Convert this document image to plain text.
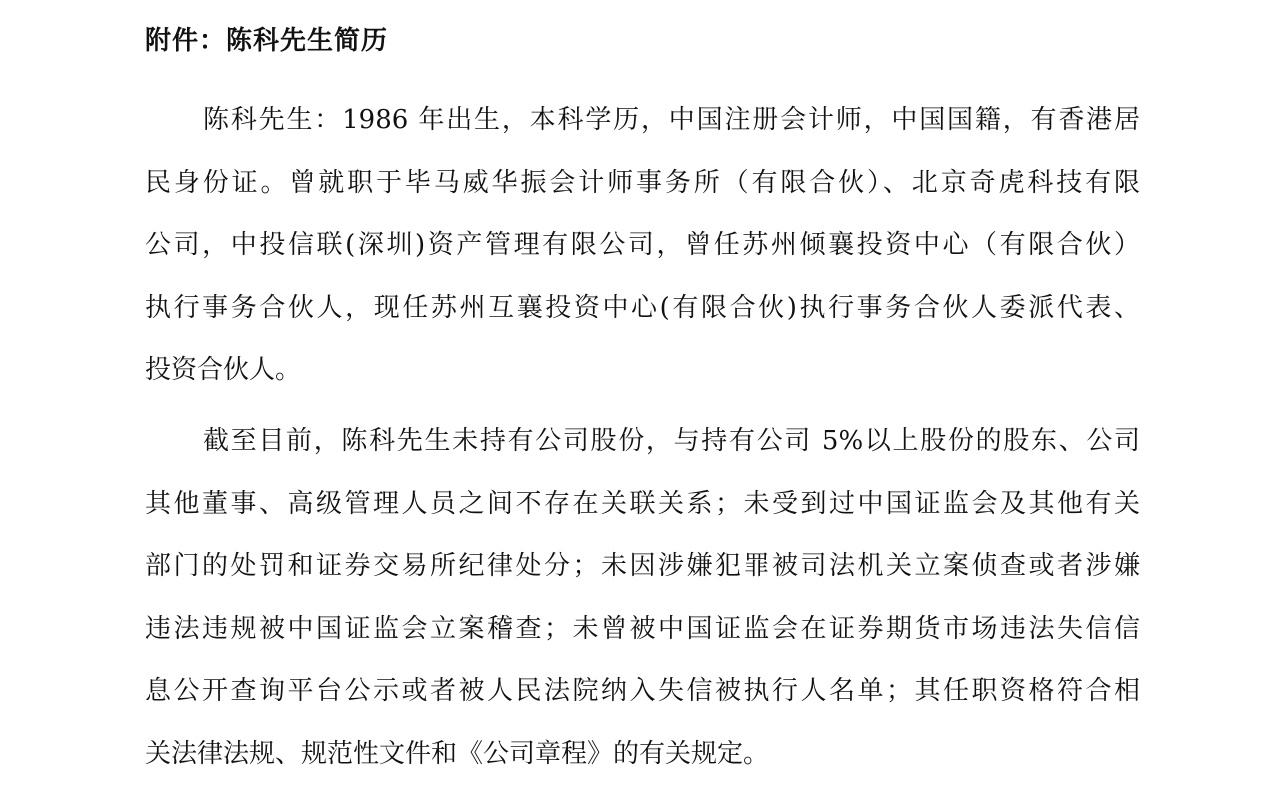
附件：陈科先生简历
陈科先生：1986 年出生，本科学历，中国注册会计师，中国国籍，有香港居
民身份证。曾就职于毕马威华振会计师事务所（有限合伙）、北京奇虎科技有限
公司，中投信联(深圳)资产管理有限公司，曾任苏州倾襄投资中心（有限合伙）
执行事务合伙人，现任苏州互襄投资中心(有限合伙)执行事务合伙人委派代表、
投资合伙人。
截至目前，陈科先生未持有公司股份，与持有公司 5%以上股份的股东、公司
其他董事、高级管理人员之间不存在关联关系；未受到过中国证监会及其他有关
部门的处罚和证券交易所纪律处分；未因涉嫌犯罪被司法机关立案侦查或者涉嫌
违法违规被中国证监会立案稽查；未曾被中国证监会在证券期货市场违法失信信
息公开查询平台公示或者被人民法院纳入失信被执行人名单；其任职资格符合相
关法律法规、规范性文件和《公司章程》的有关规定。
